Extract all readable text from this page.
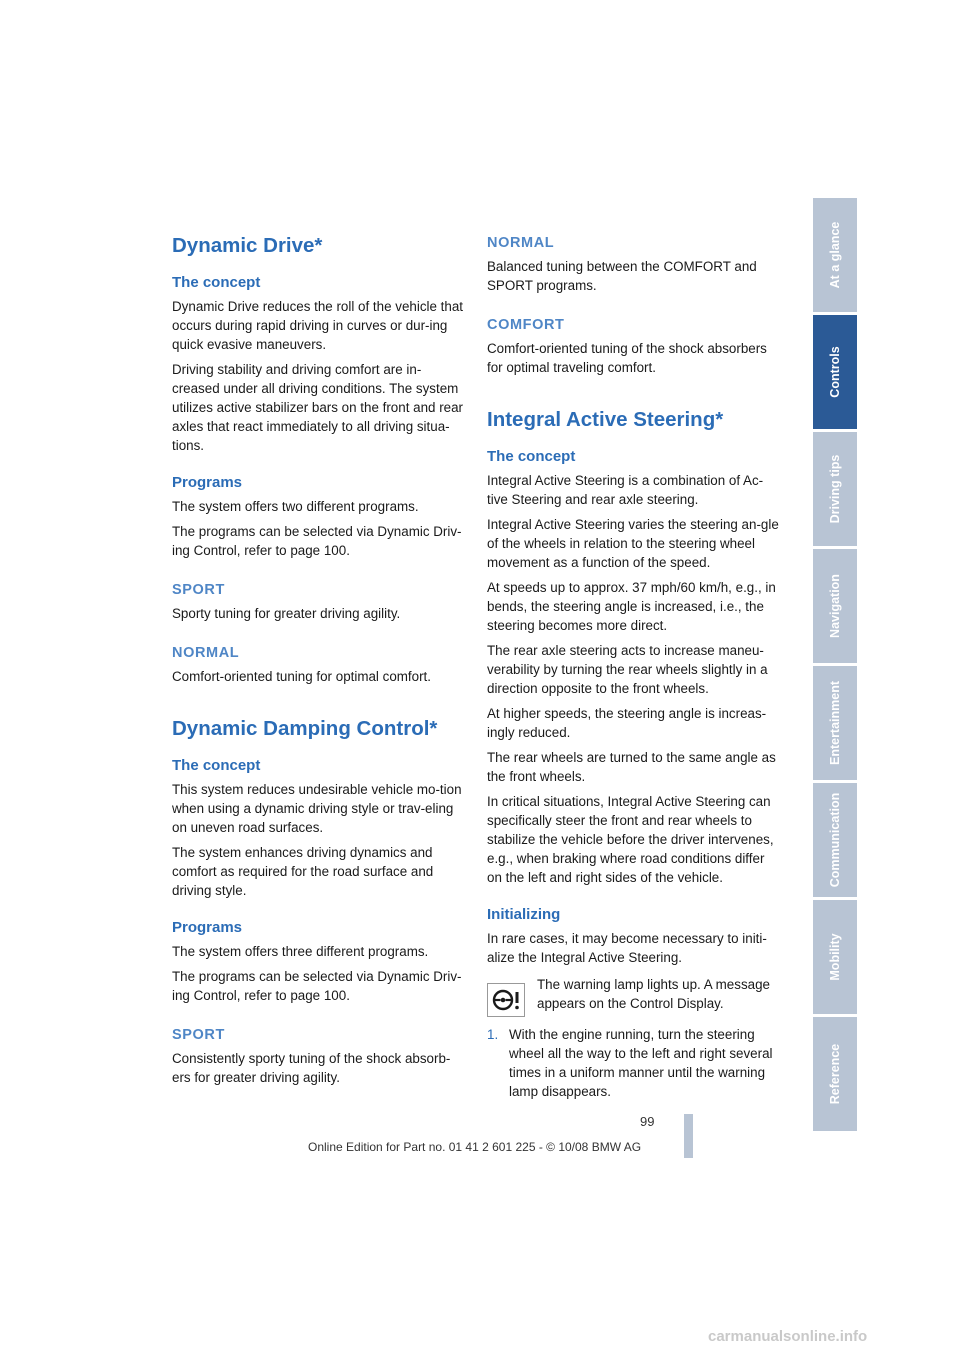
Dynamic Drive*
The concept

Dynamic Drive reduces the roll of the vehicle that occurs during rapid driving in curves or dur-ing quick evasive maneuvers.

Driving stability and driving comfort are in-creased under all driving conditions. The system utilizes active stabilizer bars on the front and rear axles that react immediately to all driving situa-tions.

Programs

The system offers two different programs.

The programs can be selected via Dynamic Driv-ing Control, refer to page 100.

SPORT

Sporty tuning for greater driving agility.

NORMAL

Comfort-oriented tuning for optimal comfort.

Dynamic Damping Control*
The concept

This system reduces undesirable vehicle mo-tion when using a dynamic driving style or trav-eling on uneven road surfaces.

The system enhances driving dynamics and comfort as required for the road surface and driving style.

Programs

The system offers three different programs.

The programs can be selected via Dynamic Driv-ing Control, refer to page 100.

SPORT

Consistently sporty tuning of the shock absorb-ers for greater driving agility.

NORMAL

Balanced tuning between the COMFORT and SPORT programs.

COMFORT

Comfort-oriented tuning of the shock absorbers for optimal traveling comfort.

Integral Active Steering*
The concept

Integral Active Steering is a combination of Ac-tive Steering and rear axle steering.

Integral Active Steering varies the steering an-gle of the wheels in relation to the steering wheel movement as a function of the speed.

At speeds up to approx. 37 mph/60 km/h, e.g., in bends, the steering angle is increased, i.e., the steering becomes more direct.

The rear axle steering acts to increase maneu-verability by turning the rear wheels slightly in a direction opposite to the front wheels.

At higher speeds, the steering angle is increas-ingly reduced.

The rear wheels are turned to the same angle as the front wheels.

In critical situations, Integral Active Steering can specifically steer the front and rear wheels to stabilize the vehicle before the driver intervenes, e.g., when braking where road conditions differ on the left and right sides of the vehicle.

Initializing

In rare cases, it may become necessary to initi-alize the Integral Active Steering.

The warning lamp lights up. A message appears on the Control Display.
1. With the engine running, turn the steering wheel all the way to the left and right several times in a uniform manner until the warning lamp disappears.
At a glance
Controls
Driving tips
Navigation
Entertainment
Communication
Mobility
Reference
99
Online Edition for Part no. 01 41 2 601 225 - © 10/08 BMW AG
carmanualsonline.info
